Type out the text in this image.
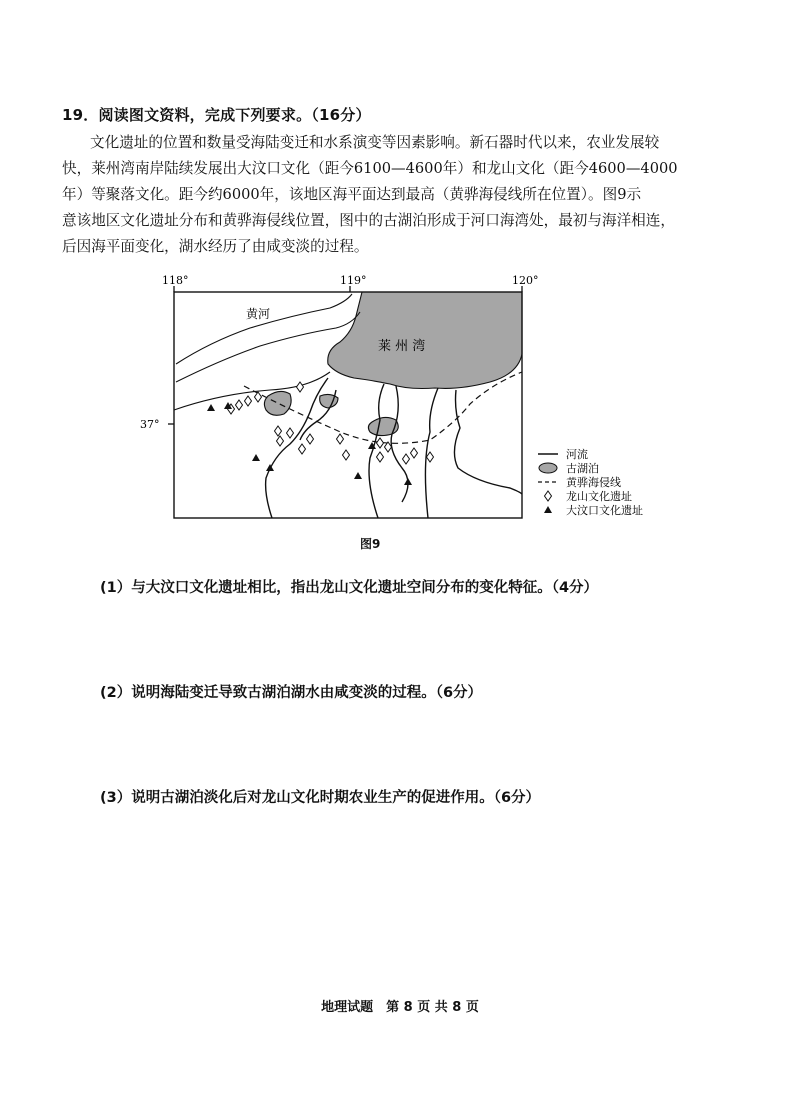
19．阅读图文资料，完成下列要求。（16分）
文化遗址的位置和数量受海陆变迁和水系演变等因素影响。新石器时代以来，农业发展较
快，莱州湾南岸陆续发展出大汶口文化（距今6100—4600年）和龙山文化（距今4600—4000
年）等聚落文化。距今约6000年，该地区海平面达到最高（黄骅海侵线所在位置）。图9示
意该地区文化遗址分布和黄骅海侵线位置，图中的古湖泊形成于河口海湾处，最初与海洋相连，
后因海平面变化，湖水经历了由咸变淡的过程。
黄河
莱 州 湾
118°	119°	120°
37°
河流
古湖泊
黄骅海侵线
龙山文化遗址
大汶口文化遗址
图9
(1）与大汶口文化遗址相比，指出龙山文化遗址空间分布的变化特征。（4分）
(2）说明海陆变迁导致古湖泊湖水由咸变淡的过程。（6分）
(3）说明古湖泊淡化后对龙山文化时期农业生产的促进作用。（6分）
地理试题　第 8 页 共 8 页
